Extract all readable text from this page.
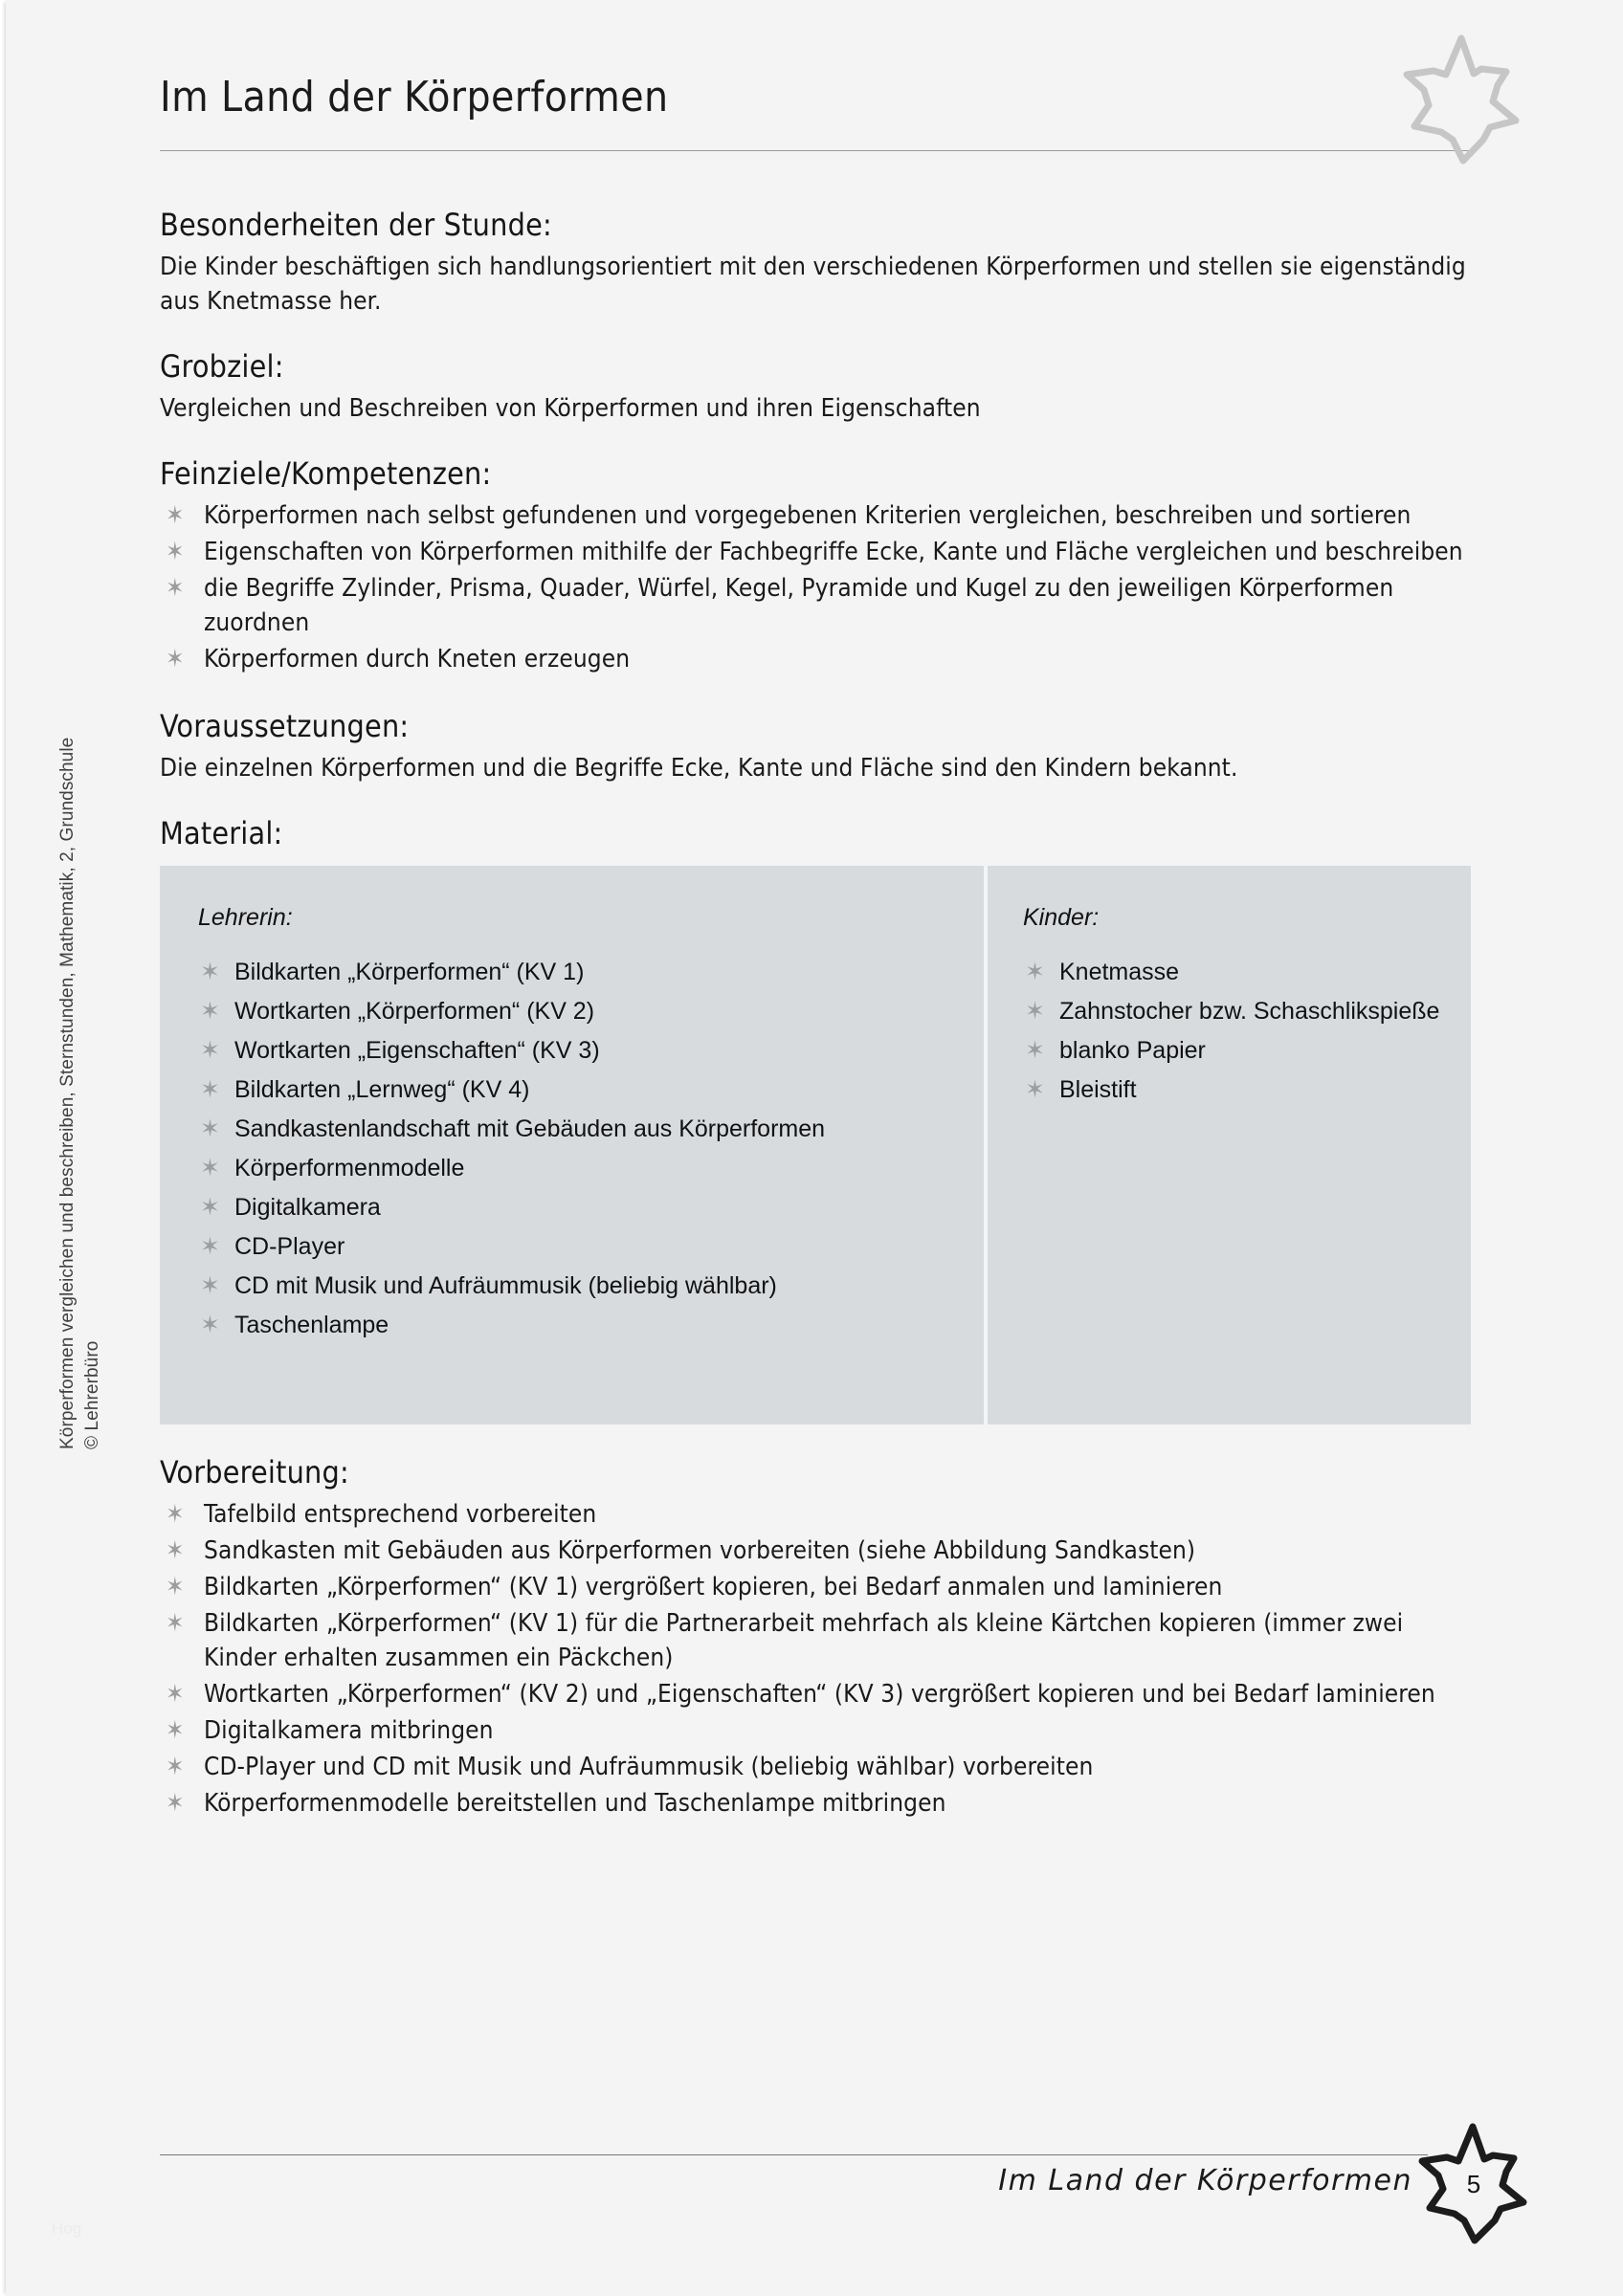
Körperformen vergleichen und beschreiben, Sternstunden, Mathematik, 2, Grundschule © Lehrerbüro
Hog
Im Land der Körperformen
Besonderheiten der Stunde:

Die Kinder beschäftigen sich handlungsorientiert mit den verschiedenen Körperformen und stellen sie eigenständig aus Knetmasse her.

Grobziel:

Vergleichen und Beschreiben von Körperformen und ihren Eigenschaften

Feinziele/Kompetenzen:
✶ Körperformen nach selbst gefundenen und vorgegebenen Kriterien vergleichen, beschreiben und sortieren
✶ Eigenschaften von Körperformen mithilfe der Fachbegriffe Ecke, Kante und Fläche vergleichen und beschreiben
✶ die Begriffe Zylinder, Prisma, Quader, Würfel, Kegel, Pyramide und Kugel zu den jeweiligen Körperformen zuordnen
✶ Körperformen durch Kneten erzeugen
Voraussetzungen:

Die einzelnen Körperformen und die Begriffe Ecke, Kante und Fläche sind den Kindern bekannt.

Material:
Lehrerin:
✶ Bildkarten „Körperformen“ (KV 1)
✶ Wortkarten „Körperformen“ (KV 2)
✶ Wortkarten „Eigenschaften“ (KV 3)
✶ Bildkarten „Lernweg“ (KV 4)
✶ Sandkastenlandschaft mit Gebäuden aus Körperformen
✶ Körperformenmodelle
✶ Digitalkamera
✶ CD-Player
✶ CD mit Musik und Aufräummusik (beliebig wählbar)
✶ Taschenlampe
Kinder:
✶ Knetmasse
✶ Zahnstocher bzw. Schaschlikspieße
✶ blanko Papier
✶ Bleistift
Vorbereitung:
✶ Tafelbild entsprechend vorbereiten
✶ Sandkasten mit Gebäuden aus Körperformen vorbereiten (siehe Abbildung Sandkasten)
✶ Bildkarten „Körperformen“ (KV 1) vergrößert kopieren, bei Bedarf anmalen und laminieren
✶ Bildkarten „Körperformen“ (KV 1) für die Partnerarbeit mehrfach als kleine Kärtchen kopieren (immer zwei Kinder erhalten zusammen ein Päckchen)
✶ Wortkarten „Körperformen“ (KV 2) und „Eigenschaften“ (KV 3) vergrößert kopieren und bei Bedarf laminieren
✶ Digitalkamera mitbringen
✶ CD-Player und CD mit Musik und Aufräummusik (beliebig wählbar) vorbereiten
✶ Körperformenmodelle bereitstellen und Taschenlampe mitbringen
Im Land der Körperformen	5
